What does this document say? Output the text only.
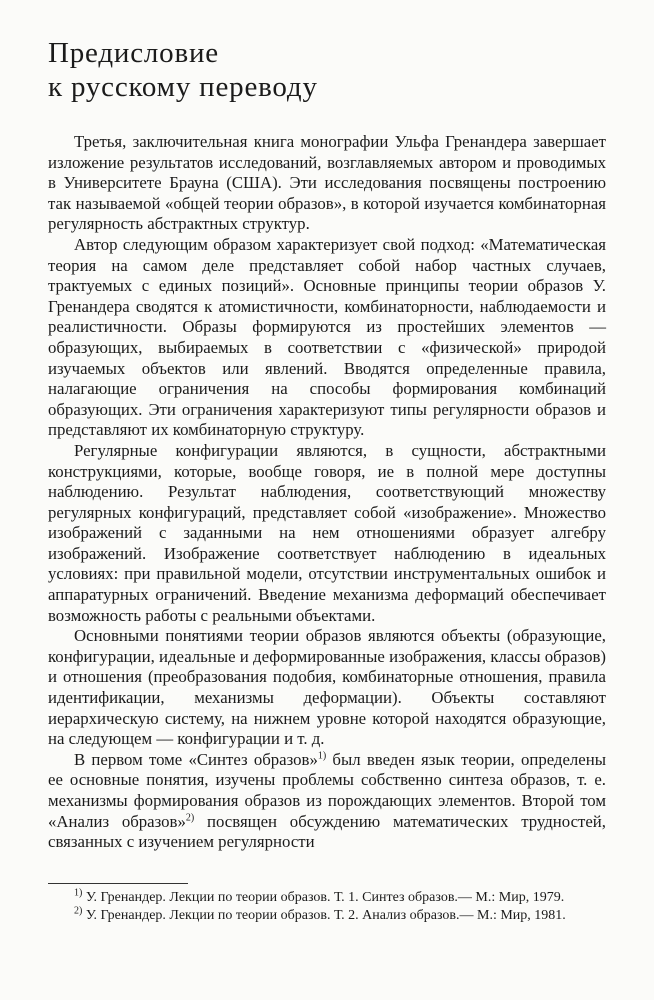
Предисловие
к русскому переводу

Третья, заключительная книга монографии Ульфа Гренандера завершает изложение результатов исследований, возглавляемых автором и проводимых в Университете Брауна (США). Эти исследования посвящены построению так называемой «общей теории образов», в которой изучается комбинаторная регулярность абстрактных структур.

Автор следующим образом характеризует свой подход: «Математическая теория на самом деле представляет собой набор частных случаев, трактуемых с единых позиций». Основные принципы теории образов У. Гренандера сводятся к атомистичности, комбинаторности, наблюдаемости и реалистичности. Образы формируются из простейших элементов — образующих, выбираемых в соответствии с «физической» природой изучаемых объектов или явлений. Вводятся определенные правила, налагающие ограничения на способы формирования комбинаций образующих. Эти ограничения характеризуют типы регулярности образов и представляют их комбинаторную структуру.

Регулярные конфигурации являются, в сущности, абстрактными конструкциями, которые, вообще говоря, ие в полной мере доступны наблюдению. Результат наблюдения, соответствующий множеству регулярных конфигураций, представляет собой «изображение». Множество изображений с заданными на нем отношениями образует алгебру изображений. Изображение соответствует наблюдению в идеальных условиях: при правильной модели, отсутствии инструментальных ошибок и аппаратурных ограничений. Введение механизма деформаций обеспечивает возможность работы с реальными объектами.

Основными понятиями теории образов являются объекты (образующие, конфигурации, идеальные и деформированные изображения, классы образов) и отношения (преобразования подобия, комбинаторные отношения, правила идентификации, механизмы деформации). Объекты составляют иерархическую систему, на нижнем уровне которой находятся образующие, на следующем — конфигурации и т. д.

В первом томе «Синтез образов»$^{1)}$ был введен язык теории, определены ее основные понятия, изучены проблемы собственно синтеза образов, т. е. механизмы формирования образов из порождающих элементов. Второй том «Анализ образов»$^{2)}$ посвящен обсуждению математических трудностей, связанных с изучением регулярности

$^{1)}$ У. Гренандер. Лекции по теории образов. Т. 1. Синтез образов.— М.: Мир, 1979.

$^{2)}$ У. Гренандер. Лекции по теории образов. Т. 2. Анализ образов.— М.: Мир, 1981.
